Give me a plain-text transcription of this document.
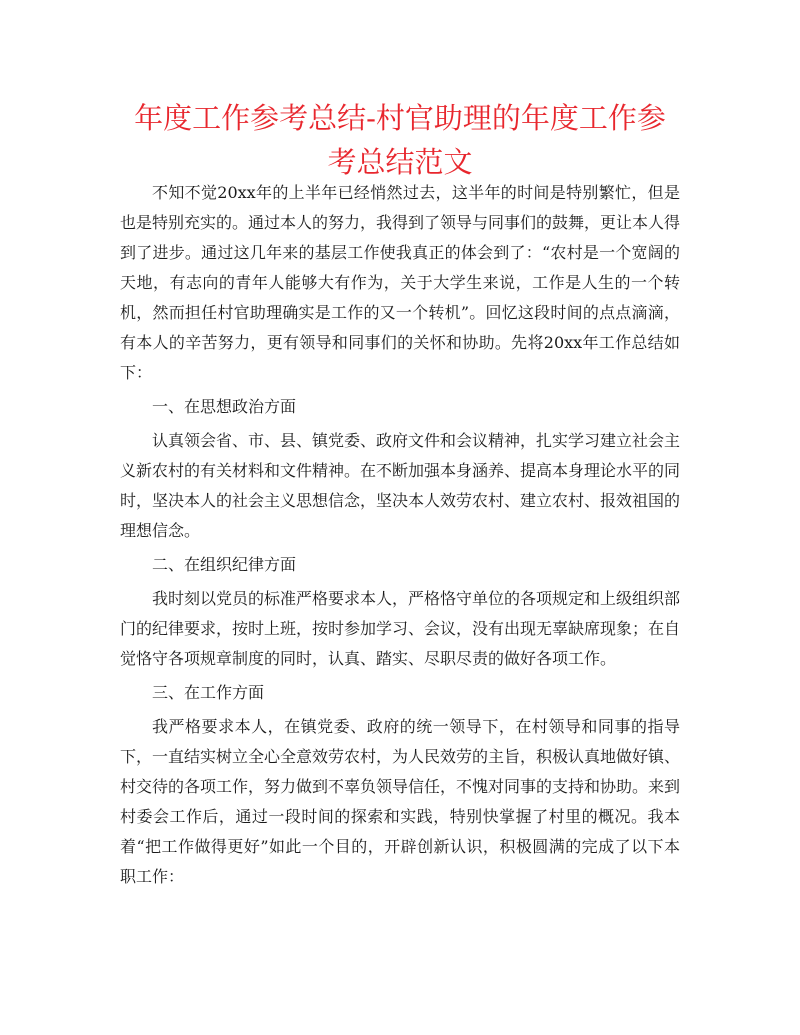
年度工作参考总结-村官助理的年度工作参考总结范文

不知不觉20xx年的上半年已经悄然过去，这半年的时间是特别繁忙，但是也是特别充实的。通过本人的努力，我得到了领导与同事们的鼓舞，更让本人得到了进步。通过这几年来的基层工作使我真正的体会到了：“农村是一个宽阔的天地，有志向的青年人能够大有作为，关于大学生来说，工作是人生的一个转机，然而担任村官助理确实是工作的又一个转机”。回忆这段时间的点点滴滴，有本人的辛苦努力，更有领导和同事们的关怀和协助。先将20xx年工作总结如下：

一、在思想政治方面

认真领会省、市、县、镇党委、政府文件和会议精神，扎实学习建立社会主义新农村的有关材料和文件精神。在不断加强本身涵养、提高本身理论水平的同时，坚决本人的社会主义思想信念，坚决本人效劳农村、建立农村、报效祖国的理想信念。

二、在组织纪律方面

我时刻以党员的标准严格要求本人，严格恪守单位的各项规定和上级组织部门的纪律要求，按时上班，按时参加学习、会议，没有出现无辜缺席现象；在自觉恪守各项规章制度的同时，认真、踏实、尽职尽责的做好各项工作。

三、在工作方面

我严格要求本人，在镇党委、政府的统一领导下，在村领导和同事的指导下，一直结实树立全心全意效劳农村，为人民效劳的主旨，积极认真地做好镇、村交待的各项工作，努力做到不辜负领导信任，不愧对同事的支持和协助。来到村委会工作后，通过一段时间的探索和实践，特别快掌握了村里的概况。我本着“把工作做得更好”如此一个目的，开辟创新认识，积极圆满的完成了以下本职工作：
